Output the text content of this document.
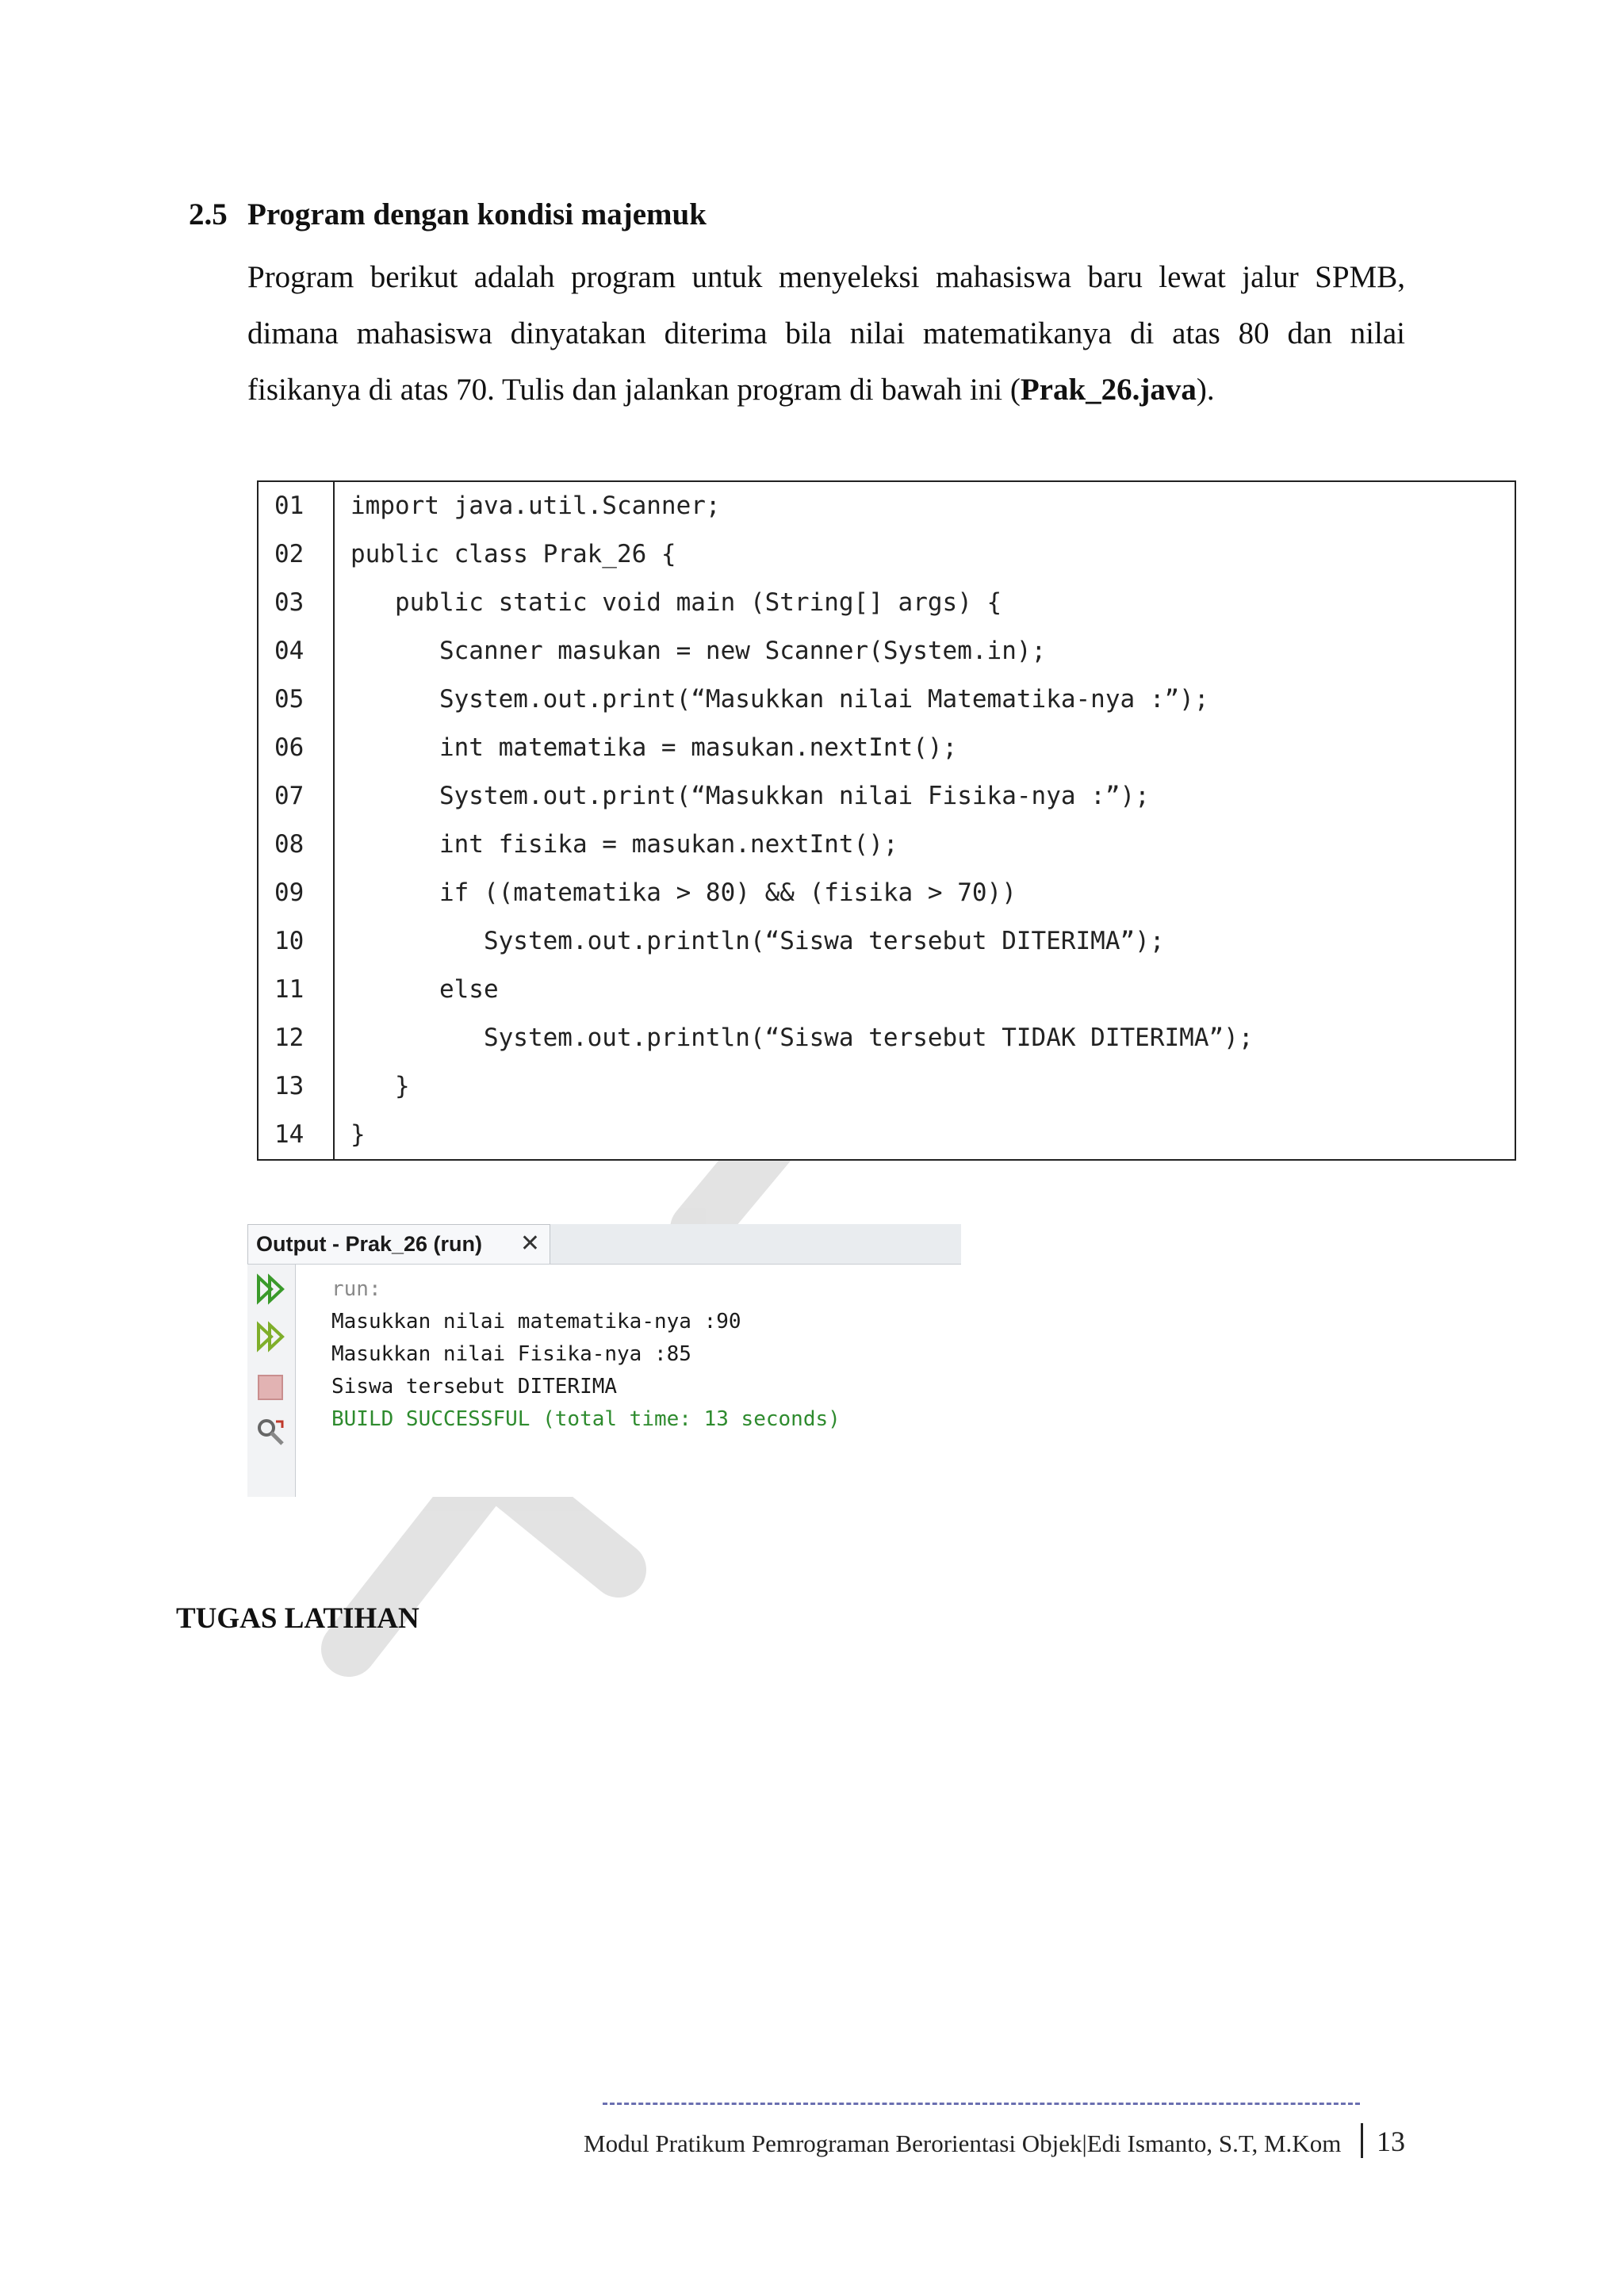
2.5 Program dengan kondisi majemuk
Program berikut adalah program untuk menyeleksi mahasiswa baru lewat jalur SPMB, dimana mahasiswa dinyatakan diterima bila nilai matematikanya di atas 80 dan nilai fisikanya di atas 70. Tulis dan jalankan program di bawah ini (Prak_26.java).
01	import java.util.Scanner;
02	public class Prak_26 {
03	public static void main (String[] args) {
04	Scanner masukan = new Scanner(System.in);
05	System.out.print(“Masukkan nilai Matematika-nya :”);
06	int matematika = masukan.nextInt();
07	System.out.print(“Masukkan nilai Fisika-nya :”);
08	int fisika = masukan.nextInt();
09	if ((matematika > 80) && (fisika > 70))
10	System.out.println(“Siswa tersebut DITERIMA”);
11	else
12	System.out.println(“Siswa tersebut TIDAK DITERIMA”);
13	}
14	}
Output - Prak_26 (run) ✕
run:
Masukkan nilai matematika-nya :90
Masukkan nilai Fisika-nya :85
Siswa tersebut DITERIMA
BUILD SUCCESSFUL (total time: 13 seconds)
TUGAS LATIHAN
Modul Pratikum Pemrograman Berorientasi Objek|Edi Ismanto, S.T, M.Kom 13
